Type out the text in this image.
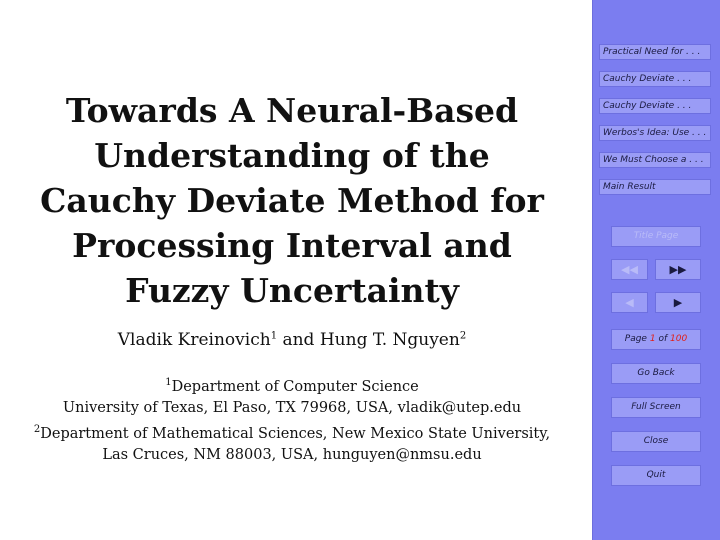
Towards A Neural-Based
Understanding of the
Cauchy Deviate Method for
Processing Interval and
Fuzzy Uncertainty
Vladik Kreinovich$^1$ and Hung T. Nguyen$^2$
$^1$Department of Computer Science
University of Texas, El Paso, TX 79968, USA, vladik@utep.edu
$^2$Department of Mathematical Sciences, New Mexico State University,
Las Cruces, NM 88003, USA, hunguyen@nmsu.edu
Practical Need for . . .
Cauchy Deviate . . .
Cauchy Deviate . . .
Werbos's Idea: Use . . .
We Must Choose a . . .
Main Result
Title Page
◀◀	▶▶
◀	▶
Page 1 of 100
Go Back
Full Screen
Close
Quit
